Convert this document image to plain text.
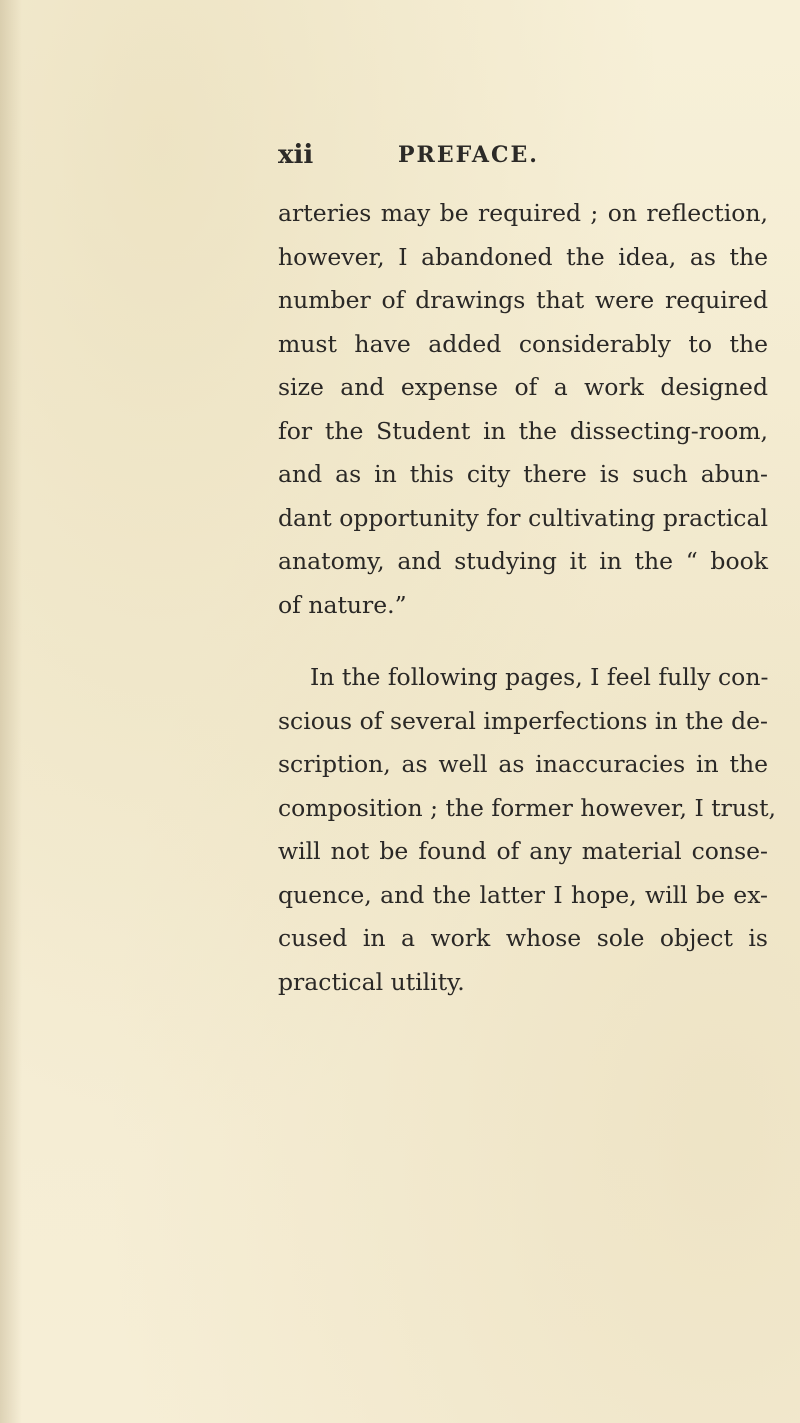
xii	PREFACE.
arteries may be required ; on reflection,
however, I abandoned the idea, as the
number of drawings that were required
must have added considerably to the
size and expense of a work designed
for the Student in the dissecting-room,
and as in this city there is such abun-
dant opportunity for cultivating practical
anatomy, and studying it in the “ book
of nature.”
In the following pages, I feel fully con-
scious of several imperfections in the de-
scription, as well as inaccuracies in the
composition ; the former however, I trust,
will not be found of any material conse-
quence, and the latter I hope, will be ex-
cused in a work whose sole object is
practical utility.
